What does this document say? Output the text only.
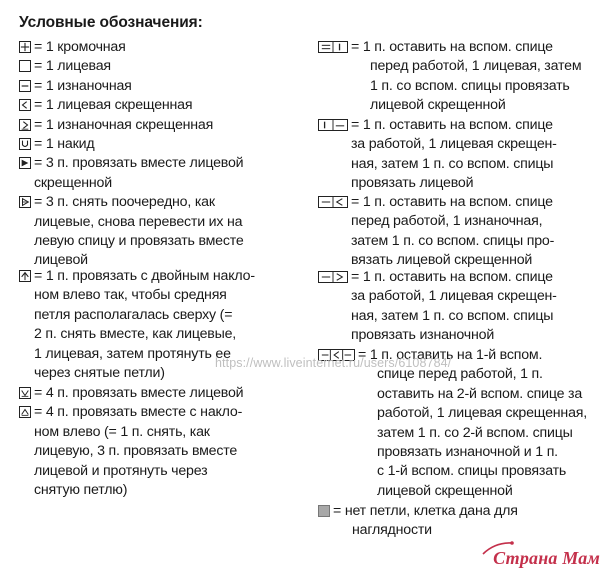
Условные обозначения:
= 1 кромочная
= 1 лицевая
= 1 изнаночная
= 1 лицевая скрещенная
= 1 изнаночная скрещенная
= 1 накид
= 3 п. провязать вместе лицевой
скрещенной
= 3 п. снять поочередно, как
лицевые, снова перевести их на
левую спицу и провязать вместе
лицевой
= 1 п. провязать с двойным накло-
ном влево так, чтобы средняя
петля располагалась сверху (=
2 п. снять вместе, как лицевые,
1 лицевая, затем протянуть ее
через снятые петли)
= 4 п. провязать вместе лицевой
= 4 п. провязать вместе с накло-
ном влево (= 1 п. снять, как
лицевую, 3 п. провязать вместе
лицевой и протянуть через
снятую петлю)
= 1 п. оставить на вспом. спице
перед работой, 1 лицевая, затем
1 п. со вспом. спицы провязать
лицевой скрещенной
= 1 п. оставить на вспом. спице
за работой, 1 лицевая скрещен-
ная, затем 1 п. со вспом. спицы
провязать лицевой
= 1 п. оставить на вспом. спице
перед работой, 1 изнаночная,
затем 1 п. со вспом. спицы про-
вязать лицевой скрещенной
= 1 п. оставить на вспом. спице
за работой, 1 лицевая скрещен-
ная, затем 1 п. со вспом. спицы
провязать изнаночной
= 1 п. оставить на 1-й вспом.
спице перед работой, 1 п.
оставить на 2-й вспом. спице за
работой, 1 лицевая скрещенная,
затем 1 п. со 2-й вспом. спицы
провязать изнаночной и 1 п.
с 1-й вспом. спицы провязать
лицевой скрещенной
= нет петли, клетка дана для
наглядности
https://www.liveinternet.ru/users/6108784/
Страна Мам
